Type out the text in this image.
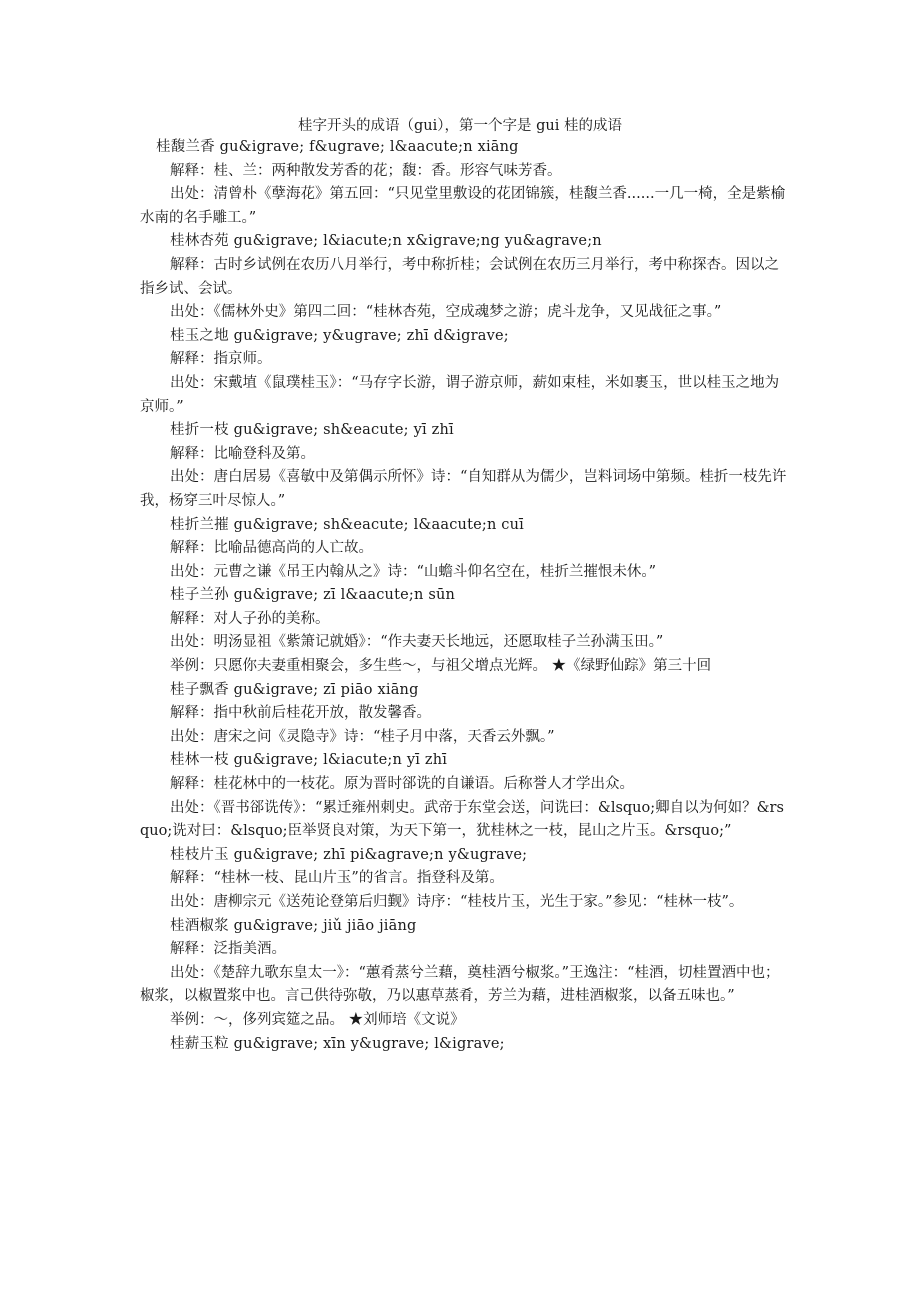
桂字开头的成语（gui），第一个字是 gui 桂的成语

桂馥兰香 gu&igrave; f&ugrave; l&aacute;n xiāng

解释：桂、兰：两种散发芳香的花；馥：香。形容气味芳香。

出处：清曾朴《孽海花》第五回：“只见堂里敷设的花团锦簇，桂馥兰香......一几一椅，全是紫榆水南的名手雕工。”

桂林杏苑 gu&igrave; l&iacute;n x&igrave;ng yu&agrave;n

解释：古时乡试例在农历八月举行，考中称折桂；会试例在农历三月举行，考中称探杏。因以之指乡试、会试。

出处：《儒林外史》第四二回：“桂林杏苑，空成魂梦之游；虎斗龙争，又见战征之事。”

桂玉之地 gu&igrave; y&ugrave; zhī d&igrave;

解释：指京师。

出处：宋戴埴《鼠璞桂玉》：“马存字长游，谓子游京师，薪如束桂，米如裹玉，世以桂玉之地为京师。”

桂折一枝 gu&igrave; sh&eacute; yī zhī

解释：比喻登科及第。

出处：唐白居易《喜敏中及第偶示所怀》诗：“自知群从为儒少，岂料词场中第频。桂折一枝先许我，杨穿三叶尽惊人。”

桂折兰摧 gu&igrave; sh&eacute; l&aacute;n cuī

解释：比喻品德高尚的人亡故。

出处：元曹之谦《吊王内翰从之》诗：“山蟾斗仰名空在，桂折兰摧恨未休。”

桂子兰孙 gu&igrave; zī l&aacute;n sūn

解释：对人子孙的美称。

出处：明汤显祖《紫箫记就婚》：“作夫妻天长地远，还愿取桂子兰孙满玉田。”

举例：只愿你夫妻重相聚会，多生些～，与祖父增点光辉。 ★《绿野仙踪》第三十回

桂子飘香 gu&igrave; zī piāo xiāng

解释：指中秋前后桂花开放，散发馨香。

出处：唐宋之问《灵隐寺》诗：“桂子月中落，天香云外飘。”

桂林一枝 gu&igrave; l&iacute;n yī zhī

解释：桂花林中的一枝花。原为晋时郤诜的自谦语。后称誉人才学出众。

出处：《晋书郤诜传》：“累迁雍州刺史。武帝于东堂会送，问诜曰：&lsquo;卿自以为何如？&rsquo;诜对曰：&lsquo;臣举贤良对策，为天下第一，犹桂林之一枝，昆山之片玉。&rsquo;”

桂枝片玉 gu&igrave; zhī pi&agrave;n y&ugrave;

解释：“桂林一枝、昆山片玉”的省言。指登科及第。

出处：唐柳宗元《送苑论登第后归觐》诗序：“桂枝片玉，光生于家。”参见：“桂林一枝”。

桂酒椒浆 gu&igrave; jiǔ jiāo jiāng

解释：泛指美酒。

出处：《楚辞九歌东皇太一》：“蕙肴蒸兮兰藉，奠桂酒兮椒浆。”王逸注：“桂酒，切桂置酒中也；椒浆，以椒置浆中也。言己供待弥敬，乃以惠草蒸肴，芳兰为藉，进桂酒椒浆，以备五味也。”

举例：～，侈列宾筵之品。 ★刘师培《文说》

桂薪玉粒 gu&igrave; xīn y&ugrave; l&igrave;
